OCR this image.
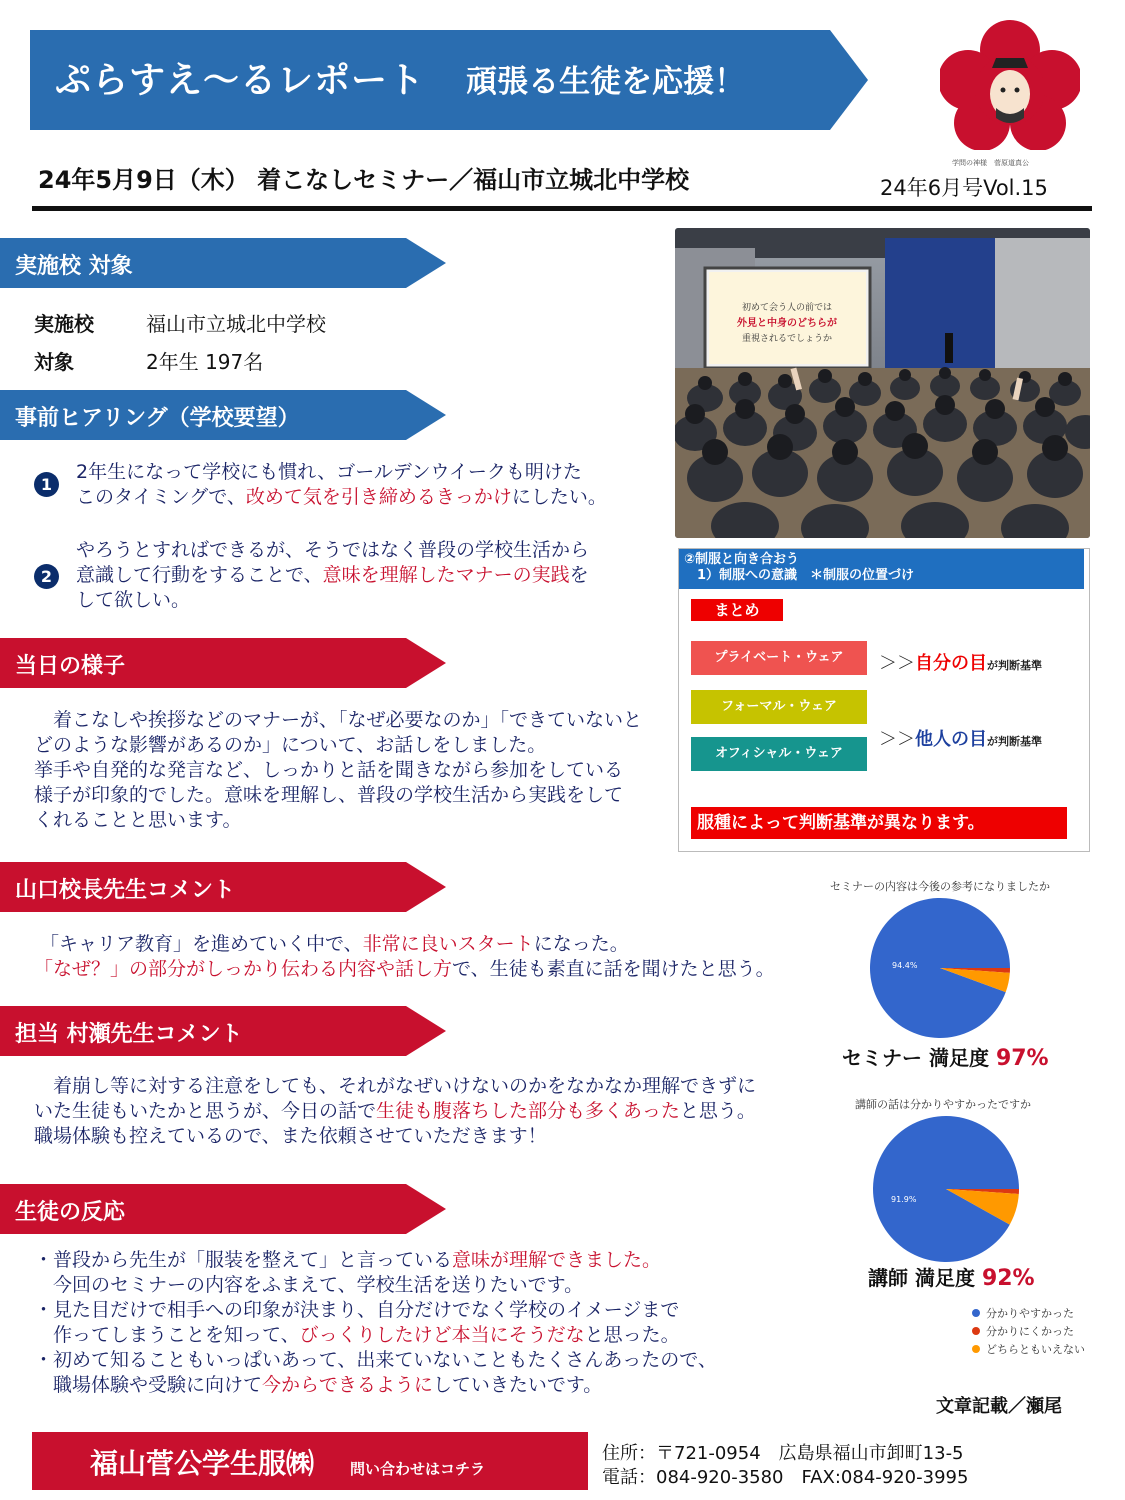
ぷらすえ〜るレポート 頑張る生徒を応援！
学問の神様　菅原道真公
24年5月9日（木） 着こなしセミナー／福山市立城北中学校	24年6月号Vol.15
実施校 対象
実施校	福山市立城北中学校
対象	2年生 197名
事前ヒアリング（学校要望）
1
2年生になって学校にも慣れ、ゴールデンウイークも明けた
このタイミングで、改めて気を引き締めるきっかけにしたい。
2
やろうとすればできるが、そうではなく普段の学校生活から
意識して行動をすることで、意味を理解したマナーの実践を
して欲しい。
当日の様子
　着こなしや挨拶などのマナーが、「なぜ必要なのか」「できていないと
どのような影響があるのか」について、お話しをしました。
挙手や自発的な発言など、しっかりと話を聞きながら参加をしている
様子が印象的でした。意味を理解し、普段の学校生活から実践をして
くれることと思います。
山口校長先生コメント
「キャリア教育」を進めていく中で、非常に良いスタートになった。
「なぜ？」の部分がしっかり伝わる内容や話し方で、生徒も素直に話を聞けたと思う。
担当 村瀬先生コメント
　着崩し等に対する注意をしても、それがなぜいけないのかをなかなか理解できずに
いた生徒もいたかと思うが、今日の話で生徒も腹落ちした部分も多くあったと思う。
職場体験も控えているので、また依頼させていただきます！
生徒の反応
・普段から先生が「服装を整えて」と言っている意味が理解できました。
　今回のセミナーの内容をふまえて、学校生活を送りたいです。
・見た目だけで相手への印象が決まり、自分だけでなく学校のイメージまで
　作ってしまうことを知って、びっくりしたけど本当にそうだなと思った。
・初めて知ることもいっぱいあって、出来ていないこともたくさんあったので、
　職場体験や受験に向けて今からできるようにしていきたいです。
初めて会う人の前では
外見と中身のどちらが
重視されるでしょうか
②制服と向き合おう
　1）制服への意識　＊制服の位置づけ
まとめ
プライベート・ウェア
フォーマル・ウェア
オフィシャル・ウェア
＞＞自分の目が判断基準
＞＞他人の目が判断基準
服種によって判断基準が異なります。
セミナーの内容は今後の参考になりましたか
94.4%
セミナー 満足度 97%
講師の話は分かりやすかったですか
91.9%
講師 満足度 92%
分かりやすかった
分かりにくかった
どちらともいえない
文章記載／瀬尾
福山菅公学生服㈱ 問い合わせはコチラ
住所：〒721-0954　広島県福山市卸町13-5
電話：084-920-3580　FAX:084-920-3995
